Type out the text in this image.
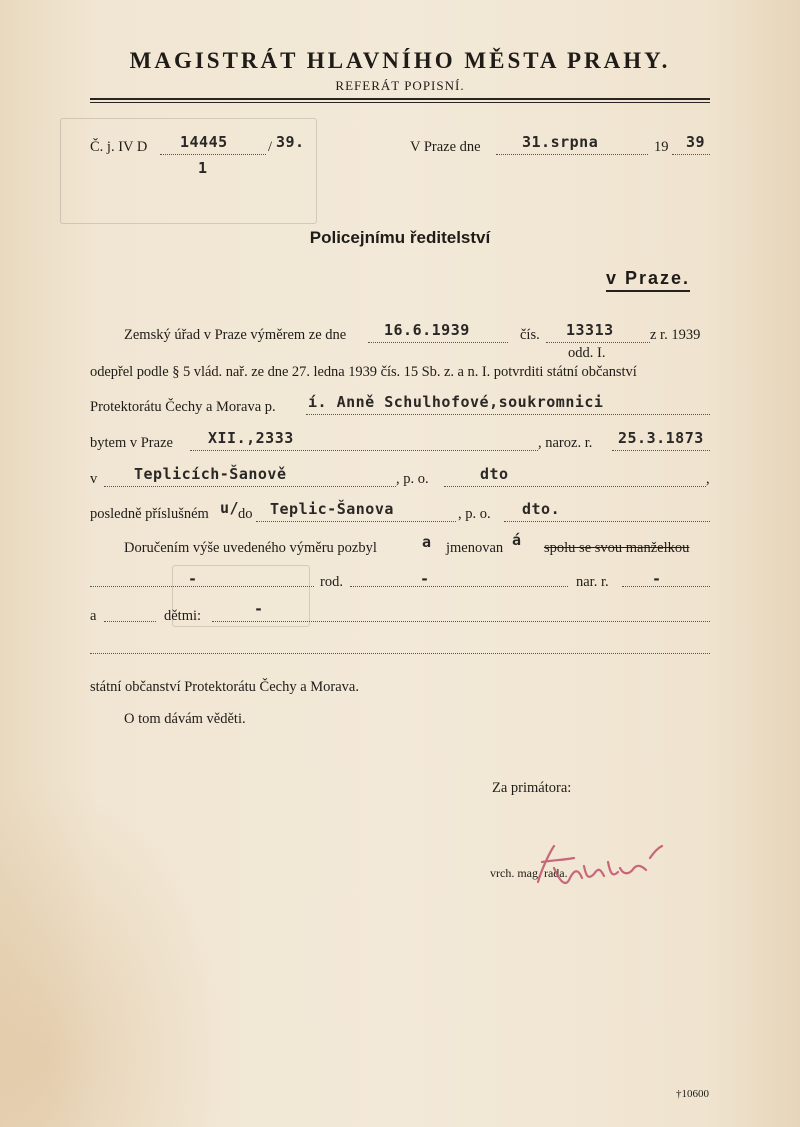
MAGISTRÁT HLAVNÍHO MĚSTA PRAHY.
REFERÁT POPISNÍ.
Č. j. IV D 14445	/ 39.
1
V Praze dne	31.srpna	19 39
Policejnímu ředitelství
v Praze.
Zemský úřad v Praze výměrem ze dne	16.6.1939	čís. 13313	z r. 1939
odd. I.
odepřel podle § 5 vlád. nař. ze dne 27. ledna 1939 čís. 15 Sb. z. a n. I. potvrditi státní občanství
Protektorátu Čechy a Morava p. í. Anně Schulhofové,soukromnici
bytem v Praze XII.,2333	, naroz. r. 25.3.1873
v Teplicích-Šanově	, p. o.	dto	,
posledně příslušném u/
do Teplic-Šanova	, p. o. dto.
Doručením výše uvedeného výměru pozbyl	a jmenovan á spolu se svou manželkou
-	rod.	-	nar. r.	-
a	dětmi:	-
státní občanství Protektorátu Čechy a Morava.
O tom dávám věděti.
Za primátora:
vrch. mag. rada.
†10600
